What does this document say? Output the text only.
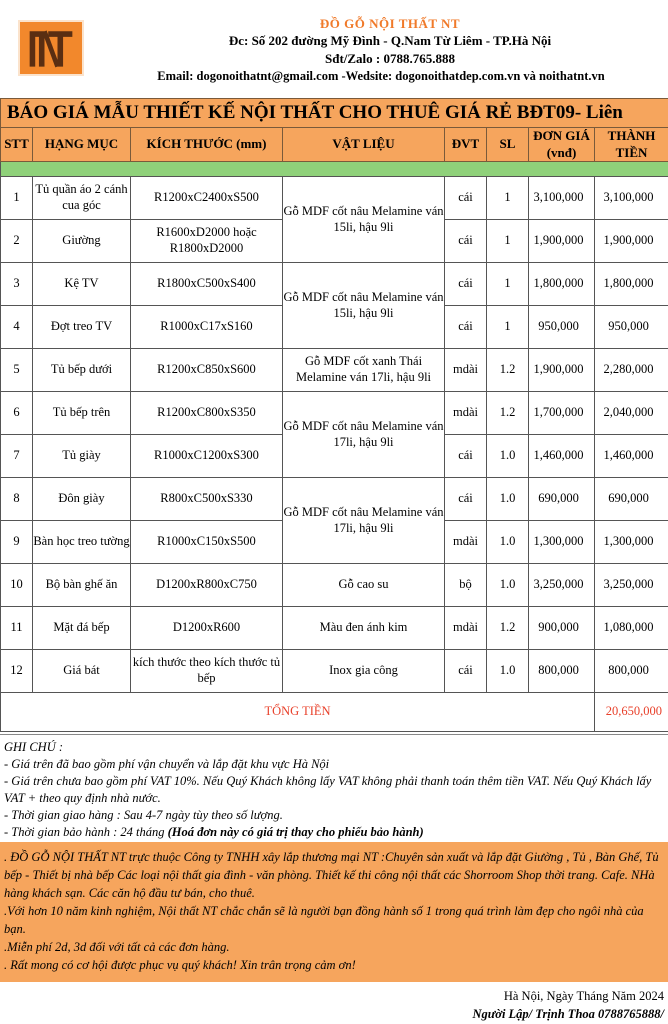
ĐỒ GỖ NỘI THẤT NT
Đc: Số 202 đường Mỹ Đình - Q.Nam Từ Liêm - TP.Hà Nội
Sđt/Zalo : 0788.765.888
Email: dogonoithatnt@gmail.com -Wedsite: dogonoithatdep.com.vn và noithatnt.vn
BÁO GIÁ MẪU THIẾT KẾ NỘI THẤT CHO THUÊ GIÁ RẺ BĐT09- Liên							
STT	HẠNG MỤC	KÍCH THƯỚC (mm)	VẬT LIỆU	ĐVT	SL	ĐƠN GIÁ (vnđ)	THÀNH TIỀN

1	Tủ quần áo 2 cánh cua góc	R1200xC2400xS500	Gỗ MDF cốt nâu Melamine ván 15li, hậu 9li	cái	1	3,100,000	3,100,000
2	Giường	R1600xD2000 hoặc R1800xD2000		cái	1	1,900,000	1,900,000
3	Kệ TV	R1800xC500xS400	Gỗ MDF cốt nâu Melamine ván 15li, hậu 9li	cái	1	1,800,000	1,800,000
4	Đợt treo TV	R1000xC17xS160		cái	1	950,000	950,000
5	Tủ bếp dưới	R1200xC850xS600	Gỗ MDF cốt xanh Thái Melamine ván 17li, hậu 9li	mdài	1.2	1,900,000	2,280,000
6	Tủ bếp trên	R1200xC800xS350	Gỗ MDF cốt nâu Melamine ván 17li, hậu 9li	mdài	1.2	1,700,000	2,040,000
7	Tủ giày	R1000xC1200xS300		cái	1.0	1,460,000	1,460,000
8	Đôn giày	R800xC500xS330	Gỗ MDF cốt nâu Melamine ván 17li, hậu 9li	cái	1.0	690,000	690,000
9	Bàn học treo tường	R1000xC150xS500		mdài	1.0	1,300,000	1,300,000
10	Bộ bàn ghế ăn	D1200xR800xC750	Gỗ cao su	bộ	1.0	3,250,000	3,250,000
11	Mặt đá bếp	D1200xR600	Màu đen ánh kim	mdài	1.2	900,000	1,080,000
12	Giá bát	kích thước theo kích thước tủ bếp	Inox gia công	cái	1.0	800,000	800,000
TỔNG TIỀN							20,650,000
GHI CHÚ :
- Giá trên đã bao gồm phí vận chuyển và lắp đặt khu vực Hà Nội
- Giá trên chưa bao gồm phí VAT 10%. Nếu Quý Khách không lấy VAT không phải thanh toán thêm tiền VAT. Nếu Quý Khách lấy VAT + theo quy định nhà nước.
- Thời gian giao hàng : Sau 4-7 ngày tùy theo số lượng.
- Thời gian bảo hành : 24 tháng (Hoá đơn này có giá trị thay cho phiếu bảo hành)

. ĐỒ GỖ NỘI THẤT NT trực thuộc Công ty TNHH xây lắp thương mại NT :Chuyên sản xuất và lắp đặt Giường , Tủ , Bàn Ghế, Tủ bếp - Thiết bị nhà bếp Các loại nội thất gia đình - văn phòng. Thiết kế thi công nội thất các Shorroom Shop thời trang. Cafe. NHà hàng khách sạn. Các căn hộ đầu tư bán, cho thuê.

.Với hơn 10 năm kinh nghiệm, Nội thất NT chắc chắn sẽ là người bạn đồng hành số 1 trong quá trình làm đẹp cho ngôi nhà của bạn.

.Miễn phí 2d, 3d đối với tất cả các đơn hàng.

. Rất mong có cơ hội được phục vụ quý khách! Xin trân trọng cảm ơn!

Hà Nội, Ngày Tháng Năm 2024
Người Lập/ Trịnh Thoa 0788765888/
